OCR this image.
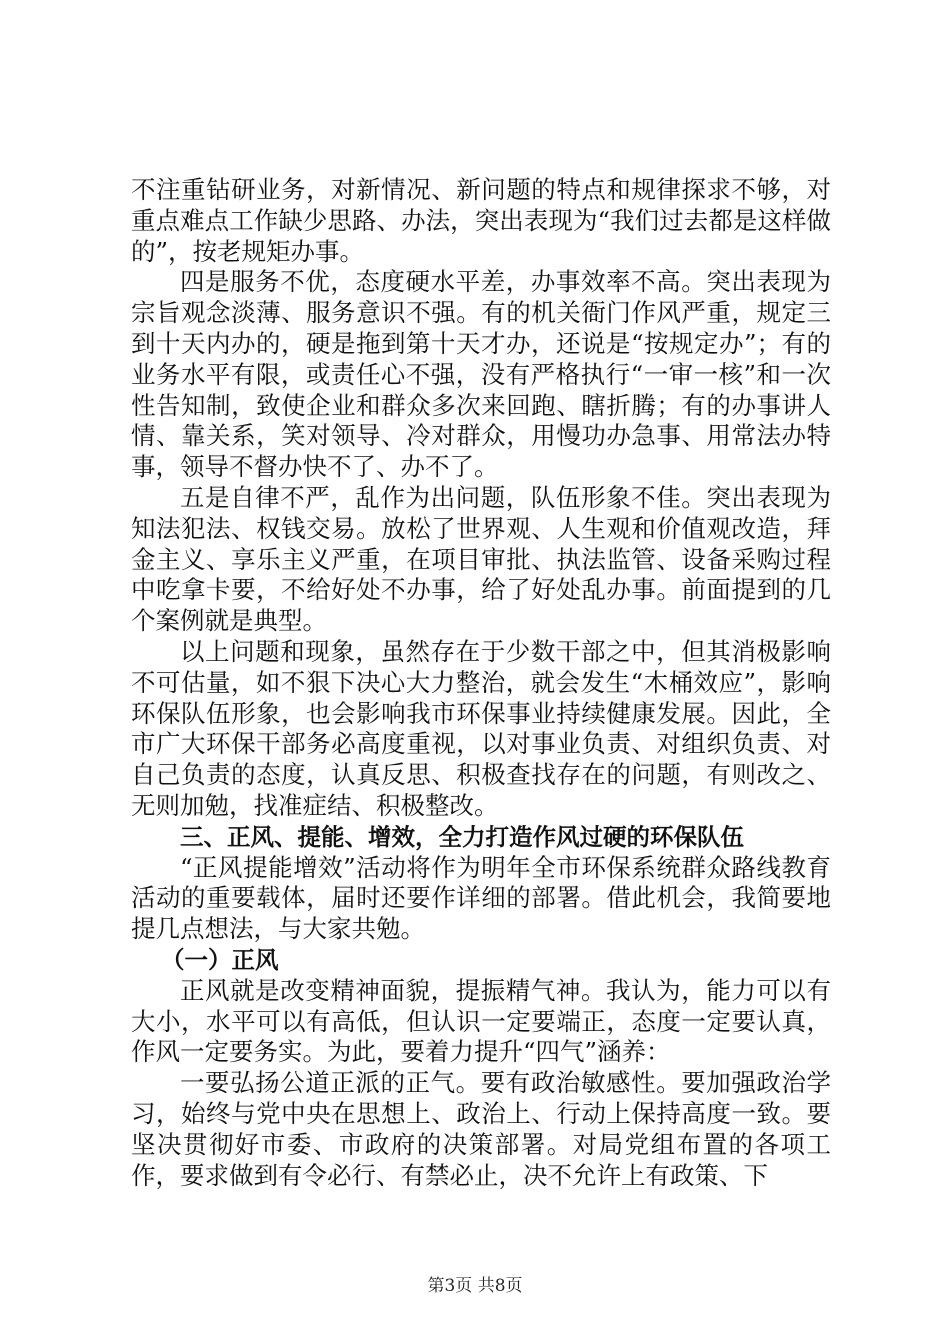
不注重钻研业务，对新情况、新问题的特点和规律探求不够，对重点难点工作缺少思路、办法，突出表现为“我们过去都是这样做的”，按老规矩办事。

四是服务不优，态度硬水平差，办事效率不高。突出表现为宗旨观念淡薄、服务意识不强。有的机关衙门作风严重，规定三到十天内办的，硬是拖到第十天才办，还说是“按规定办”；有的业务水平有限，或责任心不强，没有严格执行“一审一核”和一次性告知制，致使企业和群众多次来回跑、瞎折腾；有的办事讲人情、靠关系，笑对领导、冷对群众，用慢功办急事、用常法办特事，领导不督办快不了、办不了。

五是自律不严，乱作为出问题，队伍形象不佳。突出表现为知法犯法、权钱交易。放松了世界观、人生观和价值观改造，拜金主义、享乐主义严重，在项目审批、执法监管、设备采购过程中吃拿卡要，不给好处不办事，给了好处乱办事。前面提到的几个案例就是典型。

以上问题和现象，虽然存在于少数干部之中，但其消极影响不可估量，如不狠下决心大力整治，就会发生“木桶效应”，影响环保队伍形象，也会影响我市环保事业持续健康发展。因此，全市广大环保干部务必高度重视，以对事业负责、对组织负责、对自己负责的态度，认真反思、积极查找存在的问题，有则改之、无则加勉，找准症结、积极整改。

三、正风、提能、增效，全力打造作风过硬的环保队伍

“正风提能增效”活动将作为明年全市环保系统群众路线教育活动的重要载体，届时还要作详细的部署。借此机会，我简要地提几点想法，与大家共勉。

（一）正风

正风就是改变精神面貌，提振精气神。我认为，能力可以有大小，水平可以有高低，但认识一定要端正，态度一定要认真，作风一定要务实。为此，要着力提升“四气”涵养：

一要弘扬公道正派的正气。要有政治敏感性。要加强政治学习，始终与党中央在思想上、政治上、行动上保持高度一致。要坚决贯彻好市委、市政府的决策部署。对局党组布置的各项工作，要求做到有令必行、有禁必止，决不允许上有政策、下

第3页 共8页
